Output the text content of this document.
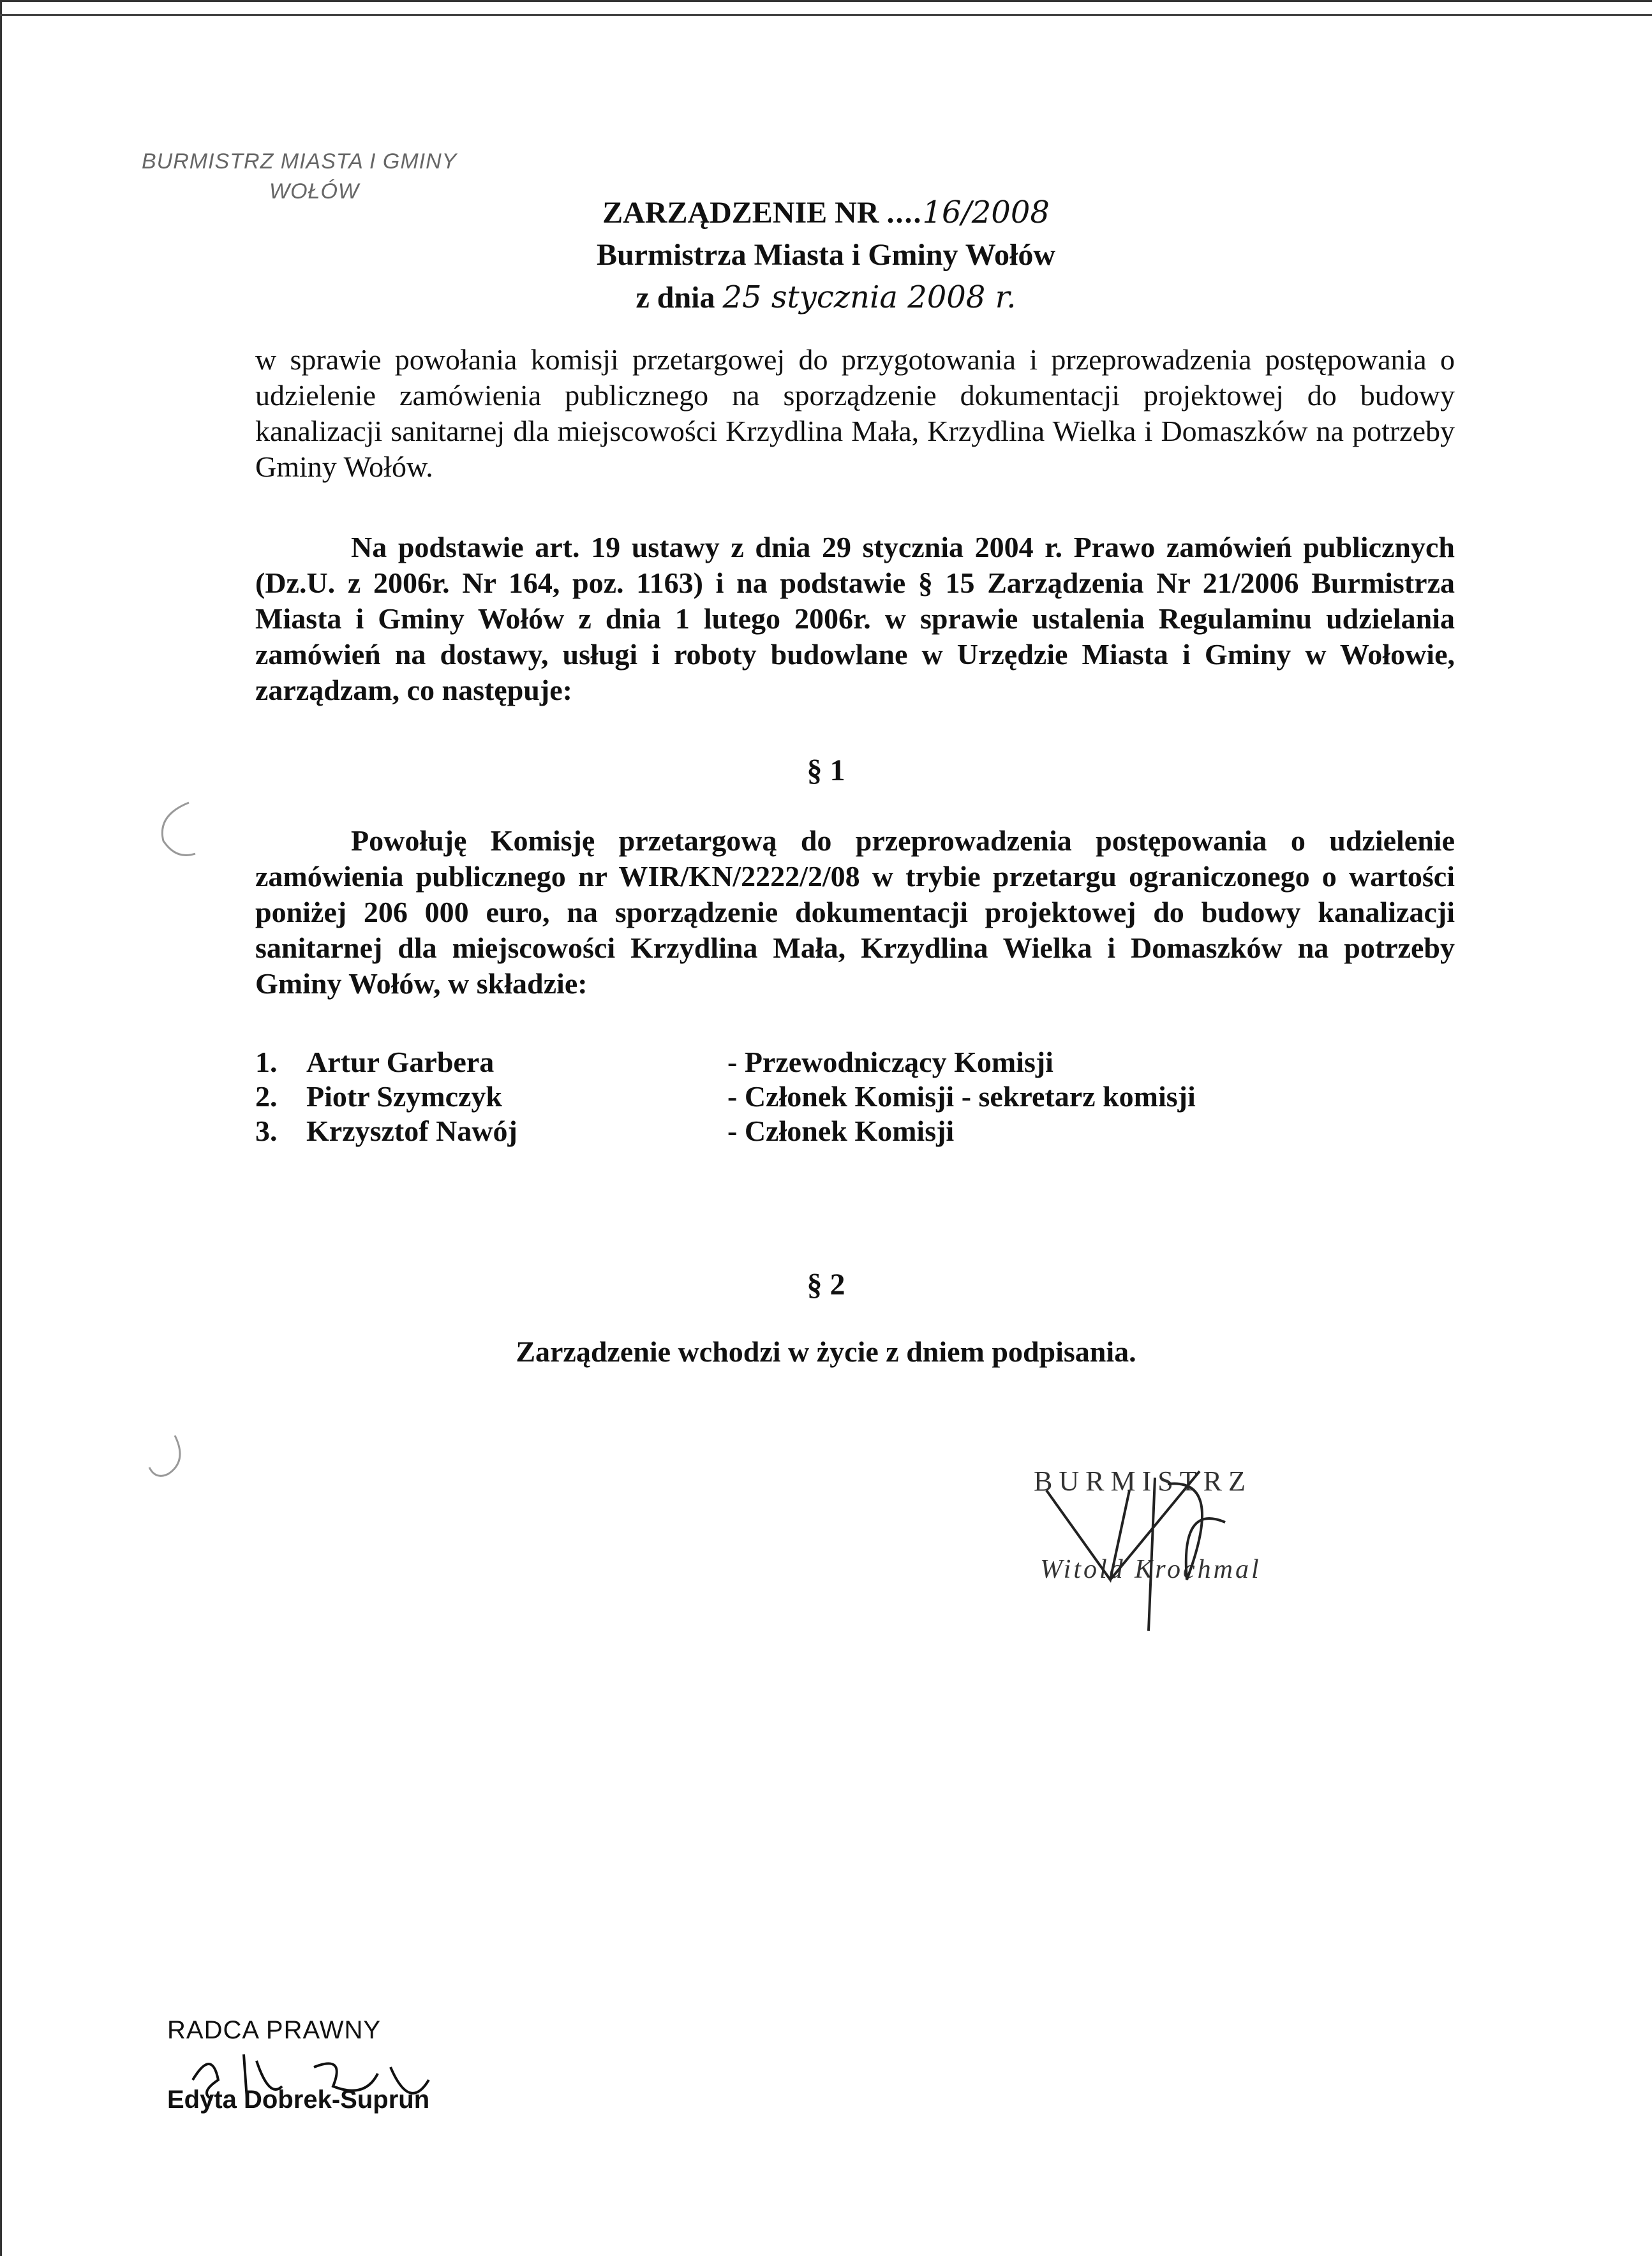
BURMISTRZ MIASTA I GMINY
WOŁÓW
ZARZĄDZENIE NR ....16/2008
Burmistrza Miasta i Gminy Wołów
z dnia 25 stycznia 2008 r.
w sprawie powołania komisji przetargowej do przygotowania i przeprowadzenia postępowania o udzielenie zamówienia publicznego na sporządzenie dokumentacji projektowej do budowy kanalizacji sanitarnej dla miejscowości Krzydlina Mała, Krzydlina Wielka i Domaszków na potrzeby Gminy Wołów.
Na podstawie art. 19 ustawy z dnia 29 stycznia 2004 r. Prawo zamówień publicznych (Dz.U. z 2006r. Nr 164, poz. 1163) i na podstawie § 15 Zarządzenia Nr 21/2006 Burmistrza Miasta i Gminy Wołów z dnia 1 lutego 2006r. w sprawie ustalenia Regulaminu udzielania zamówień na dostawy, usługi i roboty budowlane w Urzędzie Miasta i Gminy w Wołowie, zarządzam, co następuje:
§ 1
Powołuję Komisję przetargową do przeprowadzenia postępowania o udzielenie zamówienia publicznego nr WIR/KN/2222/2/08 w trybie przetargu ograniczonego o wartości poniżej 206 000 euro, na sporządzenie dokumentacji projektowej do budowy kanalizacji sanitarnej dla miejscowości Krzydlina Mała, Krzydlina Wielka i Domaszków na potrzeby Gminy Wołów, w składzie:
1. Artur Garbera	- Przewodniczący Komisji
2. Piotr Szymczyk	- Członek Komisji - sekretarz komisji
3. Krzysztof Nawój	- Członek Komisji
§ 2
Zarządzenie wchodzi w życie z dniem podpisania.
BURMISTRZ
Witold Krochmal
RADCA PRAWNY
Edyta Dobrek-Suprun
